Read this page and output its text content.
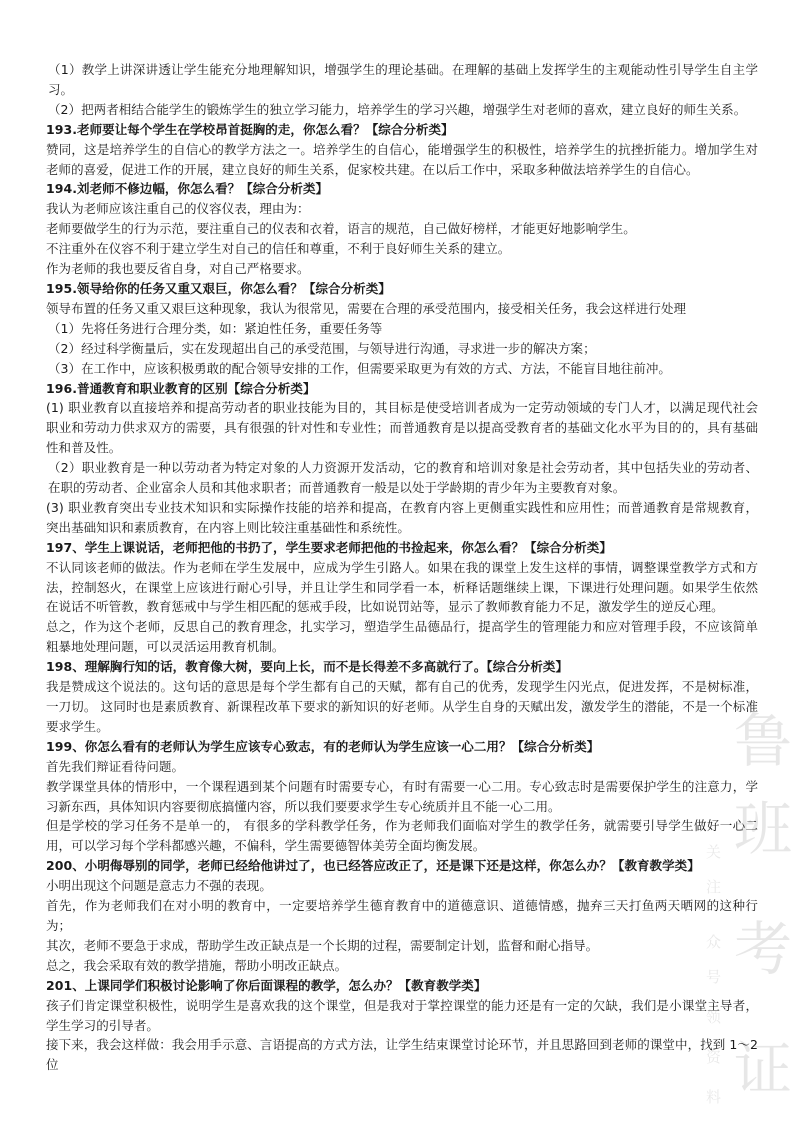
鲁
班
考
证
关
注
众
号
领
资
料

（1）教学上讲深讲透让学生能充分地理解知识，增强学生的理论基础。在理解的基础上发挥学生的主观能动性引导学生自主学习。

（2）把两者相结合能学生的锻炼学生的独立学习能力，培养学生的学习兴趣，增强学生对老师的喜欢，建立良好的师生关系。

193.老师要让每个学生在学校昂首挺胸的走，你怎么看？【综合分析类】

赞同，这是培养学生的自信心的教学方法之一。培养学生的自信心，能增强学生的积极性，培养学生的抗挫折能力。增加学生对老师的喜爱，促进工作的开展，建立良好的师生关系，促家校共建。在以后工作中，采取多种做法培养学生的自信心。

194.刘老师不修边幅，你怎么看？【综合分析类】

我认为老师应该注重自己的仪容仪表，理由为：

老师要做学生的行为示范，要注重自己的仪表和衣着，语言的规范，自己做好榜样，才能更好地影响学生。

不注重外在仪容不利于建立学生对自己的信任和尊重，不利于良好师生关系的建立。

作为老师的我也要反省自身，对自己严格要求。

195.领导给你的任务又重又艰巨，你怎么看？【综合分析类】

领导布置的任务又重又艰巨这种现象，我认为很常见，需要在合理的承受范围内，接受相关任务，我会这样进行处理

（1）先将任务进行合理分类，如：紧迫性任务，重要任务等

（2）经过科学衡量后，实在发现超出自己的承受范围，与领导进行沟通，寻求进一步的解决方案；

（3）在工作中，应该积极勇敢的配合领导安排的工作，但需要采取更为有效的方式、方法，不能盲目地往前冲。

196.普通教育和职业教育的区别【综合分析类】

(1) 职业教育以直接培养和提高劳动者的职业技能为目的，其目标是使受培训者成为一定劳动领域的专门人才，以满足现代社会职业和劳动力供求双方的需要，具有很强的针对性和专业性；而普通教育是以提高受教育者的基础文化水平为目的的，具有基础性和普及性。

（2）职业教育是一种以劳动者为特定对象的人力资源开发活动，它的教育和培训对象是社会劳动者，其中包括失业的劳动者、在职的劳动者、企业富余人员和其他求职者；而普通教育一般是以处于学龄期的青少年为主要教育对象。

(3) 职业教育突出专业技术知识和实际操作技能的培养和提高，在教育内容上更侧重实践性和应用性；而普通教育是常规教育，突出基础知识和素质教育，在内容上则比较注重基础性和系统性。

197、学生上课说话，老师把他的书扔了，学生要求老师把他的书捡起来，你怎么看？【综合分析类】

不认同该老师的做法。作为老师在学生发展中，应成为学生引路人。如果在我的课堂上发生这样的事情，调整课堂教学方式和方法，控制怒火，在课堂上应该进行耐心引导，并且让学生和同学看一本，析释话题继续上课，下课进行处理问题。如果学生依然在说话不听管教，教育惩戒中与学生相匹配的惩戒手段，比如说罚站等，显示了教师教育能力不足，激发学生的逆反心理。

总之，作为这个老师，反思自己的教育理念，扎实学习，塑造学生品德品行，提高学生的管理能力和应对管理手段，不应该简单粗暴地处理问题，可以灵活运用教育机制。

198、理解胸行知的话，教育像大树，要向上长，而不是长得差不多高就行了。【综合分析类】

我是赞成这个说法的。这句话的意思是每个学生都有自己的天赋，都有自己的优秀，发现学生闪光点，促进发挥，不是树标准，一刀切。 这同时也是素质教育、新课程改革下要求的新知识的好老师。从学生自身的天赋出发，激发学生的潜能，不是一个标准要求学生。

199、你怎么看有的老师认为学生应该专心致志，有的老师认为学生应该一心二用？【综合分析类】

首先我们辩证看待问题。

教学课堂具体的情形中，一个课程遇到某个问题有时需要专心，有时有需要一心二用。专心致志时是需要保护学生的注意力，学习新东西，具体知识内容要彻底搞懂内容，所以我们要要求学生专心统质并且不能一心二用。

但是学校的学习任务不是单一的， 有很多的学科教学任务，作为老师我们面临对学生的教学任务，就需要引导学生做好一心二用，可以学习每个学科都感兴趣，不偏科，学生需要德智体美劳全面均衡发展。

200、小明侮辱别的同学，老师已经给他讲过了，也已经答应改正了，还是课下还是这样，你怎么办？【教育教学类】

小明出现这个问题是意志力不强的表现。

首先，作为老师我们在对小明的教育中，一定要培养学生德育教育中的道德意识、道德情感，抛弃三天打鱼两天晒网的这种行为；

其次，老师不要急于求成，帮助学生改正缺点是一个长期的过程，需要制定计划，监督和耐心指导。

总之，我会采取有效的教学措施，帮助小明改正缺点。

201、上课同学们积极讨论影响了你后面课程的教学，怎么办？【教育教学类】

孩子们肯定课堂积极性，说明学生是喜欢我的这个课堂，但是我对于掌控课堂的能力还是有一定的欠缺，我们是小课堂主导者，学生学习的引导者。

接下来，我会这样做：我会用手示意、言语提高的方式方法，让学生结束课堂讨论环节，并且思路回到老师的课堂中，找到 1～2 位
